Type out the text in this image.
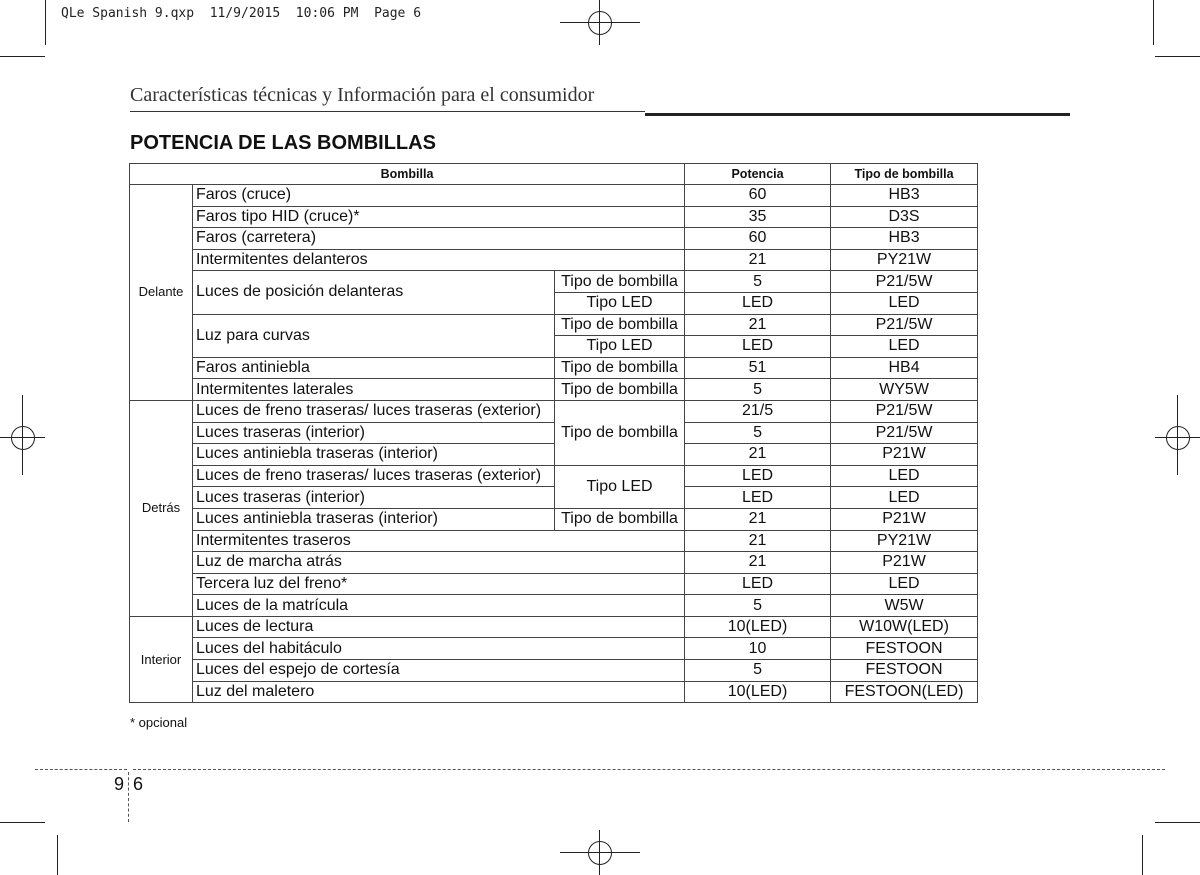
QLe Spanish 9.qxp  11/9/2015  10:06 PM  Page 6
Características técnicas y Información para el consumidor
POTENCIA DE LAS BOMBILLAS
Bombilla			Potencia	Tipo de bombilla
Delante	Faros (cruce)		60	HB3
	Faros tipo HID (cruce)*		35	D3S
	Faros (carretera)		60	HB3
	Intermitentes delanteros		21	PY21W
	Luces de posición delanteras	Tipo de bombilla	5	P21/5W
		Tipo LED	LED	LED
	Luz para curvas	Tipo de bombilla	21	P21/5W
		Tipo LED	LED	LED
	Faros antiniebla	Tipo de bombilla	51	HB4
	Intermitentes laterales	Tipo de bombilla	5	WY5W
Detrás	Luces de freno traseras/ luces traseras (exterior)	Tipo de bombilla	21/5	P21/5W
	Luces traseras (interior)		5	P21/5W
	Luces antiniebla traseras (interior)		21	P21W
	Luces de freno traseras/ luces traseras (exterior)	Tipo LED	LED	LED
	Luces traseras (interior)		LED	LED
	Luces antiniebla traseras (interior)	Tipo de bombilla	21	P21W
	Intermitentes traseros		21	PY21W
	Luz de marcha atrás		21	P21W
	Tercera luz del freno*		LED	LED
	Luces de la matrícula		5	W5W
Interior	Luces de lectura		10(LED)	W10W(LED)
	Luces del habitáculo		10	FESTOON
	Luces del espejo de cortesía		5	FESTOON
	Luz del maletero		10(LED)	FESTOON(LED)
* opcional
9 6
